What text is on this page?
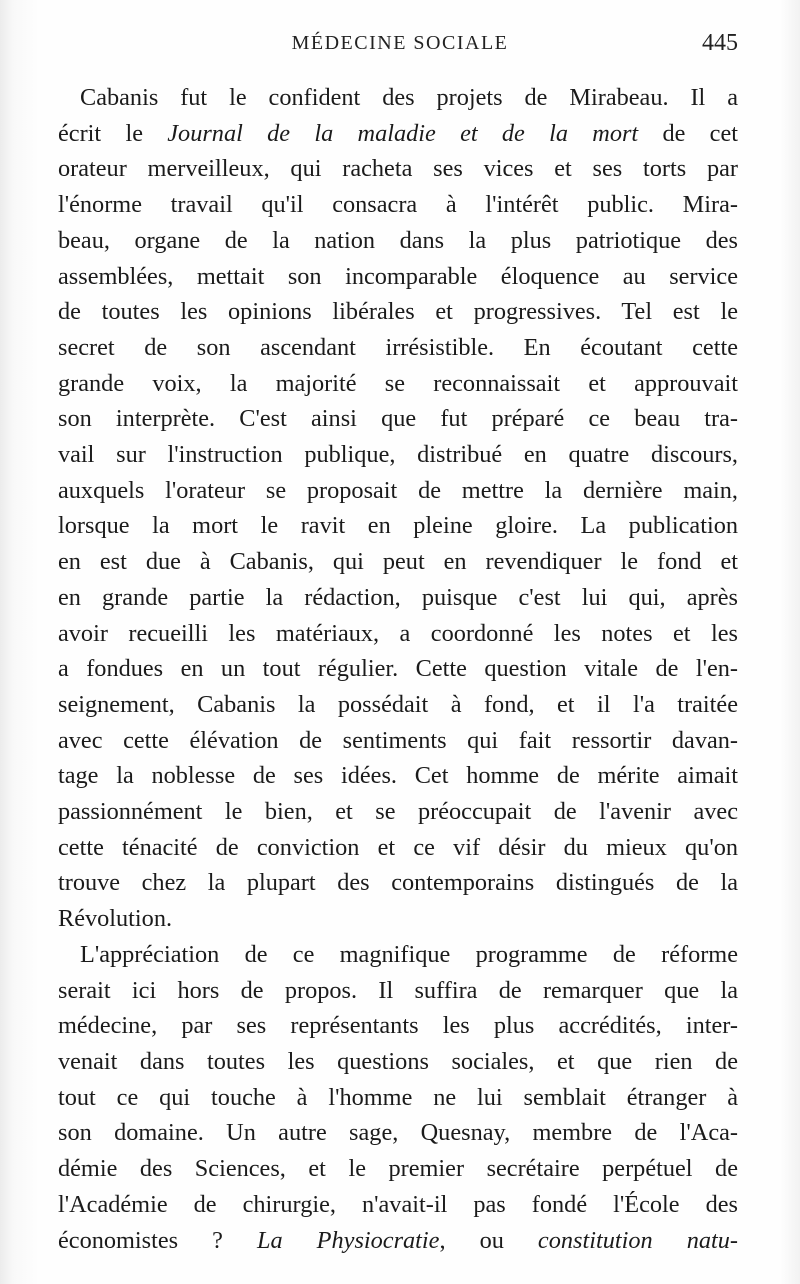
MÉDECINE SOCIALE	445

Cabanis fut le confident des projets de Mirabeau. Il a
écrit le Journal de la maladie et de la mort de cet
orateur merveilleux, qui racheta ses vices et ses torts par
l'énorme travail qu'il consacra à l'intérêt public. Mira-
beau, organe de la nation dans la plus patriotique des
assemblées, mettait son incomparable éloquence au service
de toutes les opinions libérales et progressives. Tel est le
secret de son ascendant irrésistible. En écoutant cette
grande voix, la majorité se reconnaissait et approuvait
son interprète. C'est ainsi que fut préparé ce beau tra-
vail sur l'instruction publique, distribué en quatre discours,
auxquels l'orateur se proposait de mettre la dernière main,
lorsque la mort le ravit en pleine gloire. La publication
en est due à Cabanis, qui peut en revendiquer le fond et
en grande partie la rédaction, puisque c'est lui qui, après
avoir recueilli les matériaux, a coordonné les notes et les
a fondues en un tout régulier. Cette question vitale de l'en-
seignement, Cabanis la possédait à fond, et il l'a traitée
avec cette élévation de sentiments qui fait ressortir davan-
tage la noblesse de ses idées. Cet homme de mérite aimait
passionnément le bien, et se préoccupait de l'avenir avec
cette ténacité de conviction et ce vif désir du mieux qu'on
trouve chez la plupart des contemporains distingués de la
Révolution.

L'appréciation de ce magnifique programme de réforme
serait ici hors de propos. Il suffira de remarquer que la
médecine, par ses représentants les plus accrédités, inter-
venait dans toutes les questions sociales, et que rien de
tout ce qui touche à l'homme ne lui semblait étranger à
son domaine. Un autre sage, Quesnay, membre de l'Aca-
démie des Sciences, et le premier secrétaire perpétuel de
l'Académie de chirurgie, n'avait-il pas fondé l'École des
économistes ? La Physiocratie, ou constitution natu-
